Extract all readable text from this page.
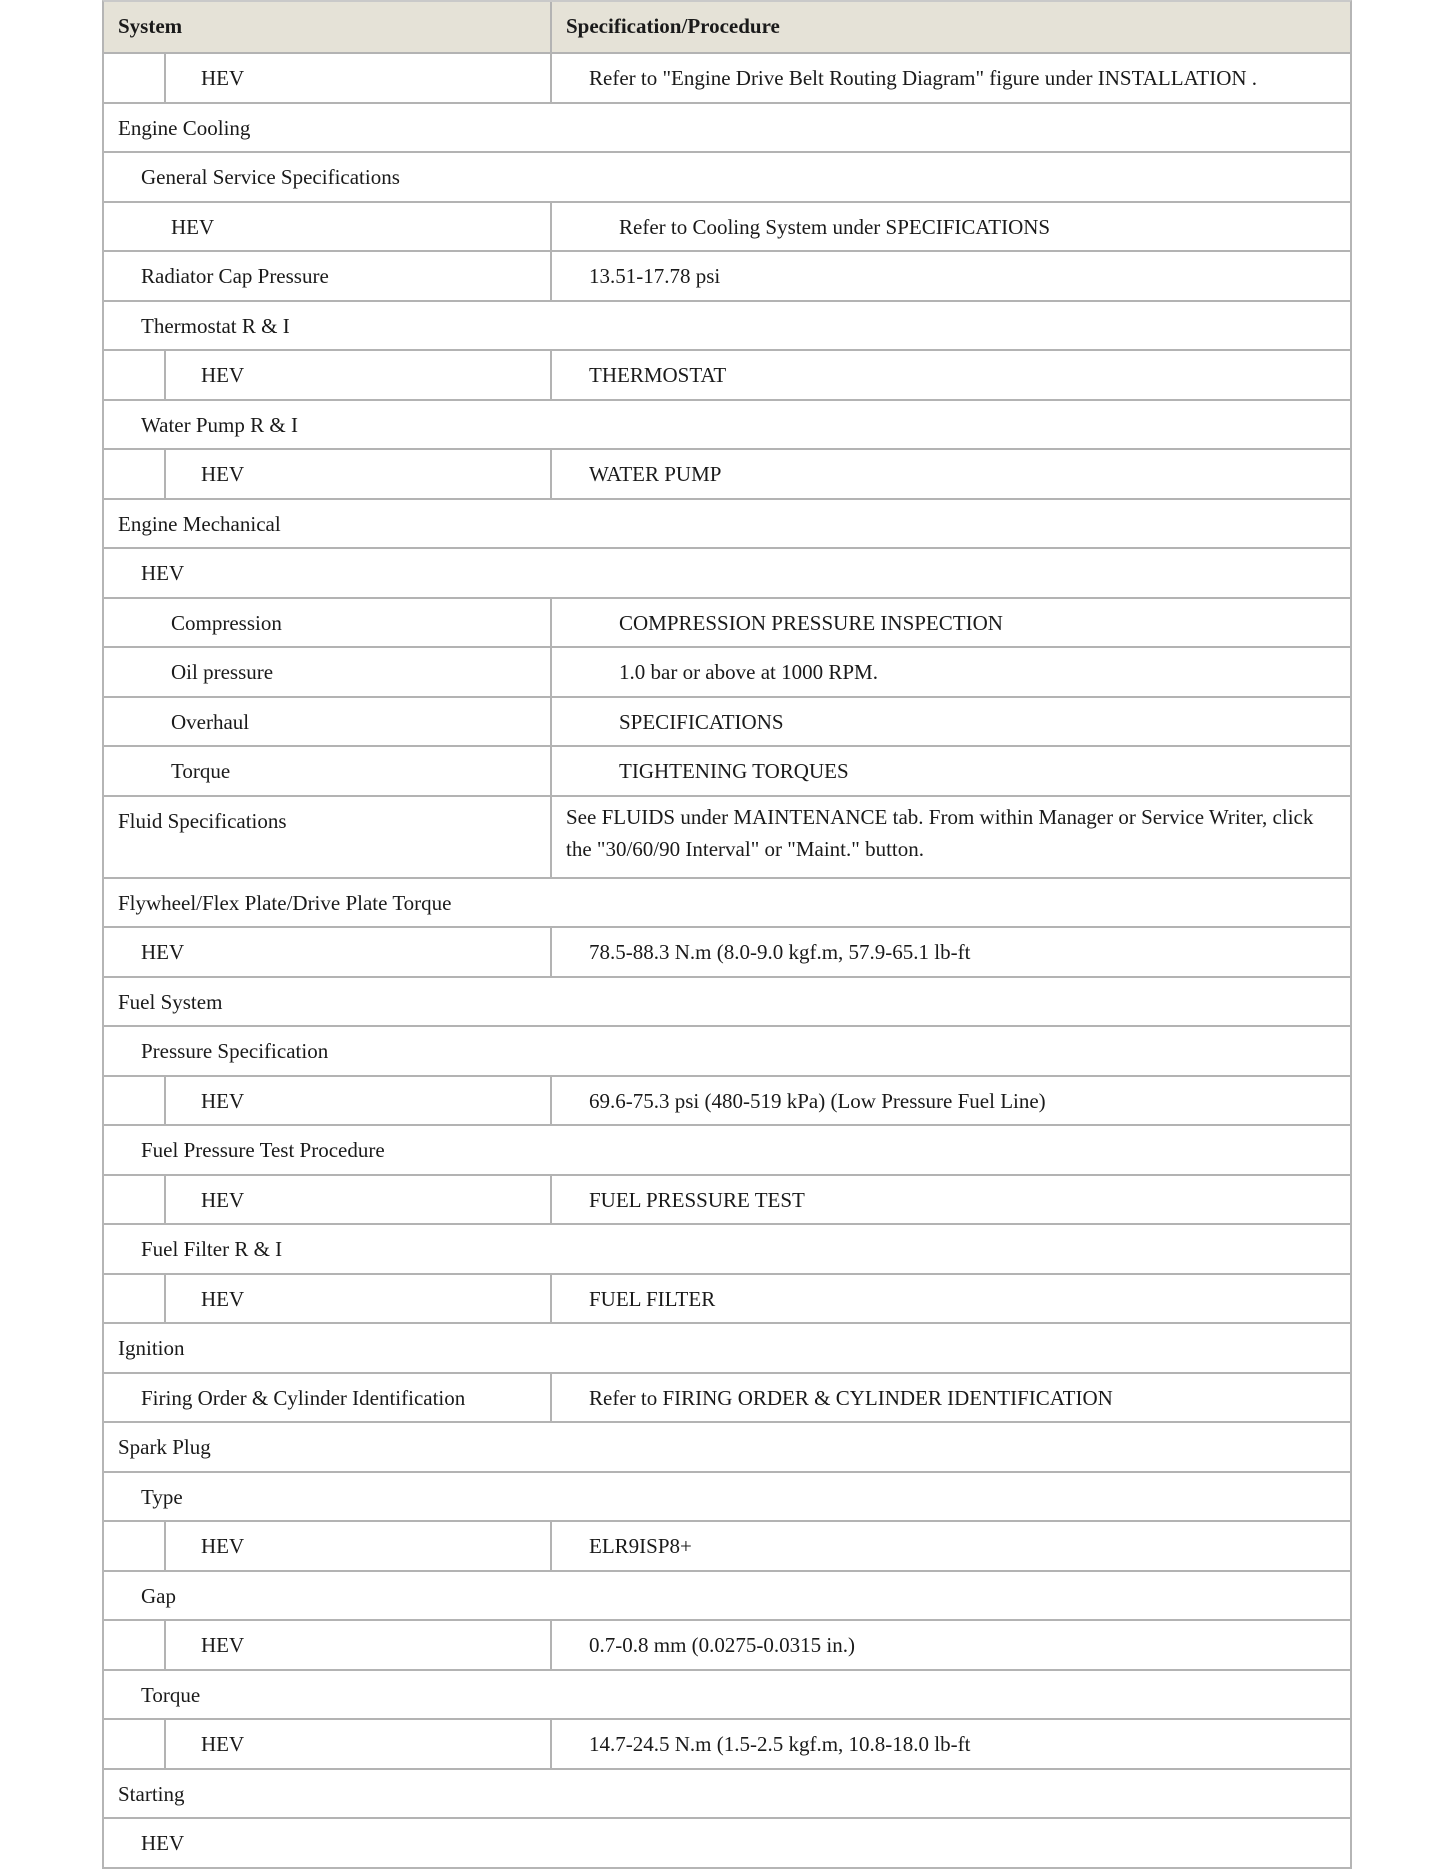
System	Specification/Procedure
HEV	Refer to "Engine Drive Belt Routing Diagram" figure under INSTALLATION .
Engine Cooling
General Service Specifications
HEV	Refer to Cooling System under SPECIFICATIONS
Radiator Cap Pressure	13.51-17.78 psi
Thermostat R & I
HEV	THERMOSTAT
Water Pump R & I
HEV	WATER PUMP
Engine Mechanical
HEV
Compression	COMPRESSION PRESSURE INSPECTION
Oil pressure	1.0 bar or above at 1000 RPM.
Overhaul	SPECIFICATIONS
Torque	TIGHTENING TORQUES
Fluid Specifications	See FLUIDS under MAINTENANCE tab. From within Manager or Service Writer, click the "30/60/90 Interval" or "Maint." button.
Flywheel/Flex Plate/Drive Plate Torque
HEV	78.5-88.3 N.m (8.0-9.0 kgf.m, 57.9-65.1 lb-ft
Fuel System
Pressure Specification
HEV	69.6-75.3 psi (480-519 kPa) (Low Pressure Fuel Line)
Fuel Pressure Test Procedure
HEV	FUEL PRESSURE TEST
Fuel Filter R & I
HEV	FUEL FILTER
Ignition
Firing Order & Cylinder Identification	Refer to FIRING ORDER & CYLINDER IDENTIFICATION
Spark Plug
Type
HEV	ELR9ISP8+
Gap
HEV	0.7-0.8 mm (0.0275-0.0315 in.)
Torque
HEV	14.7-24.5 N.m (1.5-2.5 kgf.m, 10.8-18.0 lb-ft
Starting
HEV
